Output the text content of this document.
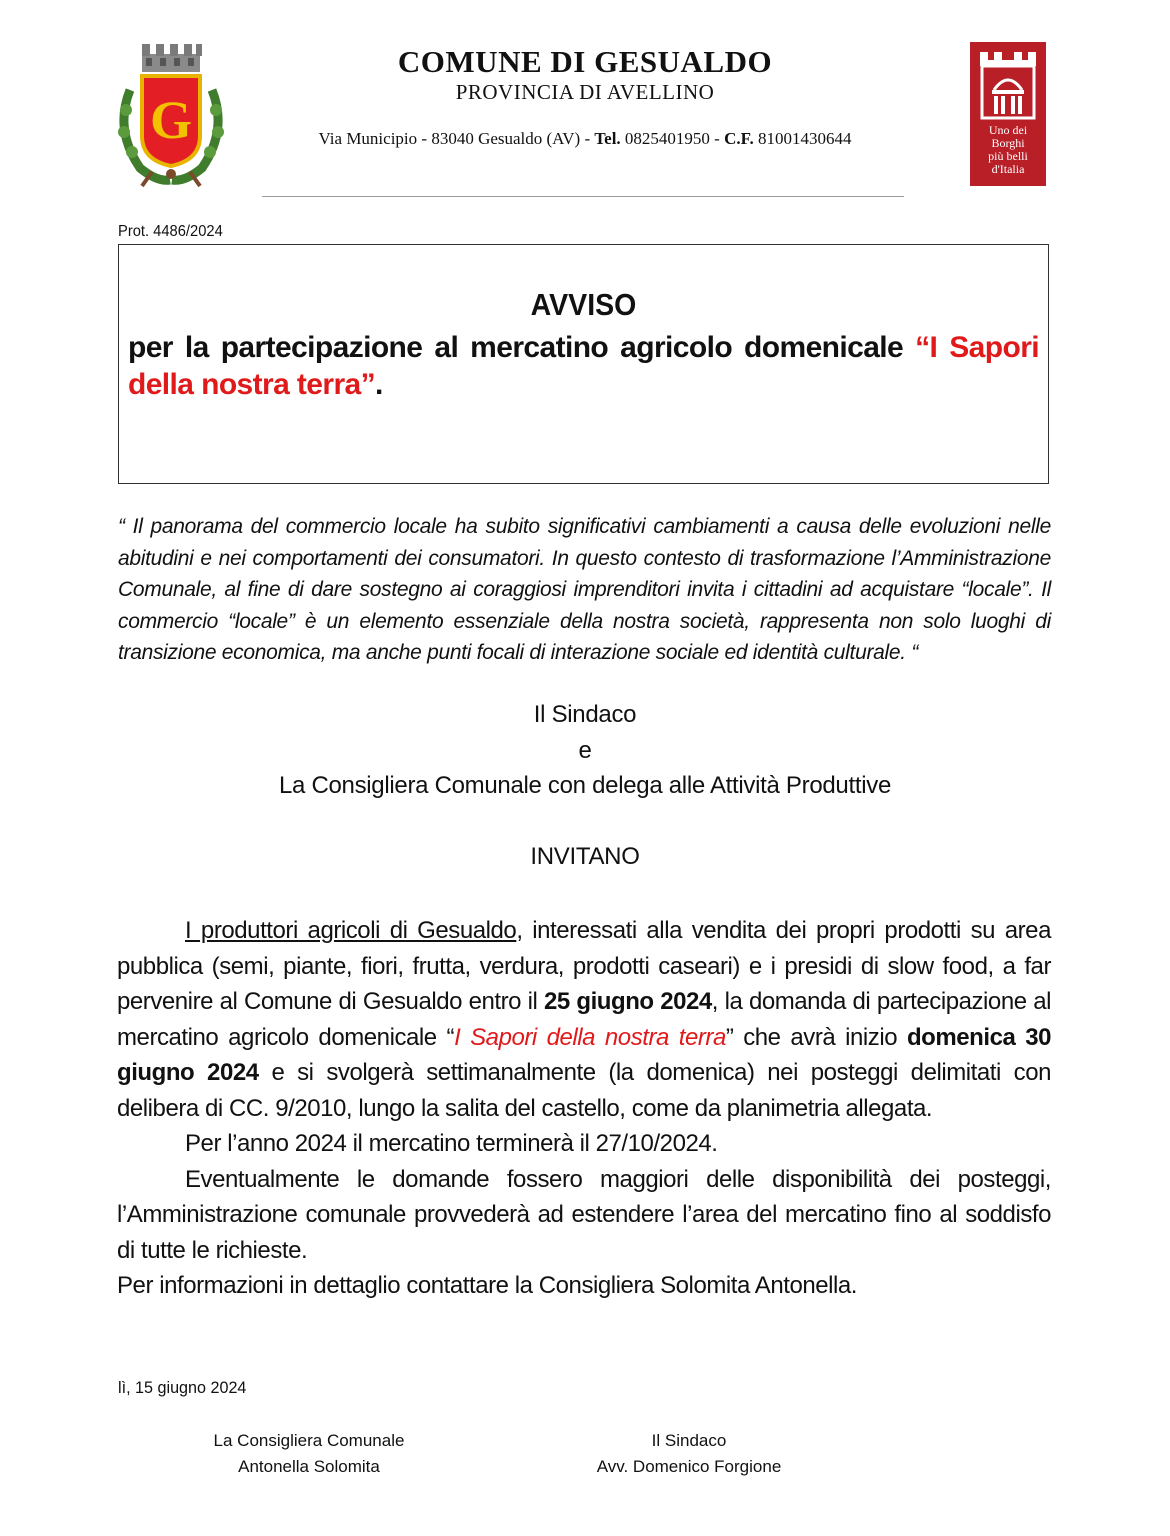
G	Uno dei
Borghi
più belli
d'Italia
COMUNE DI GESUALDO
PROVINCIA DI AVELLINO
Via Municipio - 83040 Gesualdo (AV) - Tel. 0825401950 - C.F. 81001430644
Prot. 4486/2024
AVVISO
per la partecipazione al mercatino agricolo domenicale “I Sapori della nostra terra”.
“ Il panorama del commercio locale ha subito significativi cambiamenti a causa delle evoluzioni nelle abitudini e nei comportamenti dei consumatori. In questo contesto di trasformazione l’Amministrazione Comunale, al fine di dare sostegno ai coraggiosi imprenditori invita i cittadini ad acquistare “locale”. Il commercio “locale” è un elemento essenziale della nostra società, rappresenta non solo luoghi di transizione economica, ma anche punti focali di interazione sociale ed identità culturale. “
Il Sindaco
e
La Consigliera Comunale con delega alle Attività Produttive
INVITANO

I produttori agricoli di Gesualdo, interessati alla vendita dei propri prodotti su area pubblica (semi, piante, fiori, frutta, verdura, prodotti caseari) e i presidi di slow food, a far pervenire al Comune di Gesualdo entro il 25 giugno 2024, la domanda di partecipazione al mercatino agricolo domenicale “I Sapori della nostra terra” che avrà inizio domenica 30 giugno 2024 e si svolgerà settimanalmente (la domenica) nei posteggi delimitati con delibera di CC. 9/2010, lungo la salita del castello, come da planimetria allegata.

Per l’anno 2024 il mercatino terminerà il 27/10/2024.

Eventualmente le domande fossero maggiori delle disponibilità dei posteggi, l’Amministrazione comunale provvederà ad estendere l’area del mercatino fino al soddisfo di tutte le richieste.

Per informazioni in dettaglio contattare la Consigliera Solomita Antonella.

lì, 15 giugno 2024
La Consigliera Comunale
Antonella Solomita
Il Sindaco
Avv. Domenico Forgione
